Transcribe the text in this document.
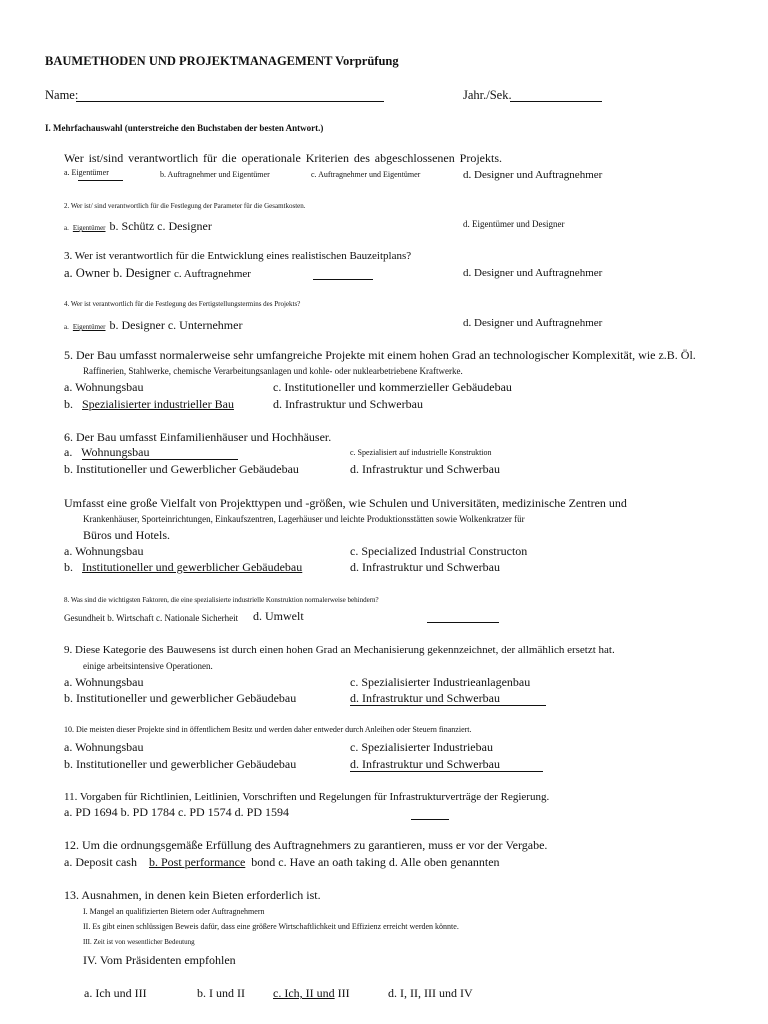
BAUMETHODEN UND PROJEKTMANAGEMENT Vorprüfung
Name:	Jahr./Sek.
I. Mehrfachauswahl (unterstreiche den Buchstaben der besten Antwort.)
Wer ist/sind verantwortlich für die operationale Kriterien des abgeschlossenen Projekts.
a. Eigentümer	b. Auftragnehmer und Eigentümer	c. Auftragnehmer und Eigentümer	d. Designer und Auftragnehmer
2. Wer ist/ sind verantwortlich für die Festlegung der Parameter für die Gesamtkosten.
a. Eigentümer b. Schütz c. Designer	d. Eigentümer und Designer
3. Wer ist verantwortlich für die Entwicklung eines realistischen Bauzeitplans?
a. Owner b. Designer c. Auftragnehmer	d. Designer und Auftragnehmer
4. Wer ist verantwortlich für die Festlegung des Fertigstellungstermins des Projekts?
a. Eigentümer b. Designer c. Unternehmer	d. Designer und Auftragnehmer
5. Der Bau umfasst normalerweise sehr umfangreiche Projekte mit einem hohen Grad an technologischer Komplexität, wie z.B. Öl.
Raffinerien, Stahlwerke, chemische Verarbeitungsanlagen und kohle- oder nuklearbetriebene Kraftwerke.
a. Wohnungsbau	c. Institutioneller und kommerzieller Gebäudebau
b. Spezialisierter industrieller Bau	d. Infrastruktur und Schwerbau
6. Der Bau umfasst Einfamilienhäuser und Hochhäuser.
a. Wohnungsbau	c. Spezialisiert auf industrielle Konstruktion
b. Institutioneller und Gewerblicher Gebäudebau	d. Infrastruktur und Schwerbau
Umfasst eine große Vielfalt von Projekttypen und -größen, wie Schulen und Universitäten, medizinische Zentren und
Krankenhäuser, Sporteinrichtungen, Einkaufszentren, Lagerhäuser und leichte Produktionsstätten sowie Wolkenkratzer für
Büros und Hotels.
a. Wohnungsbau	c. Specialized Industrial Constructon
b. Institutioneller und gewerblicher Gebäudebau	d. Infrastruktur und Schwerbau
8. Was sind die wichtigsten Faktoren, die eine spezialisierte industrielle Konstruktion normalerweise behindern?
Gesundheit b. Wirtschaft c. Nationale Sicherheit d. Umwelt
9. Diese Kategorie des Bauwesens ist durch einen hohen Grad an Mechanisierung gekennzeichnet, der allmählich ersetzt hat.
einige arbeitsintensive Operationen.
a. Wohnungsbau	c. Spezialisierter Industrieanlagenbau
b. Institutioneller und gewerblicher Gebäudebau	d. Infrastruktur und Schwerbau
10. Die meisten dieser Projekte sind in öffentlichem Besitz und werden daher entweder durch Anleihen oder Steuern finanziert.
a. Wohnungsbau	c. Spezialisierter Industriebau
b. Institutioneller und gewerblicher Gebäudebau	d. Infrastruktur und Schwerbau
11. Vorgaben für Richtlinien, Leitlinien, Vorschriften und Regelungen für Infrastrukturverträge der Regierung.
a. PD 1694 b. PD 1784 c. PD 1574 d. PD 1594
12. Um die ordnungsgemäße Erfüllung des Auftragnehmers zu garantieren, muss er vor der Vergabe.
a. Deposit cash b. Post performance bond c. Have an oath taking d. Alle oben genannten
13. Ausnahmen, in denen kein Bieten erforderlich ist.
I. Mangel an qualifizierten Bietern oder Auftragnehmern
II. Es gibt einen schlüssigen Beweis dafür, dass eine größere Wirtschaftlichkeit und Effizienz erreicht werden könnte.
III. Zeit ist von wesentlicher Bedeutung
IV. Vom Präsidenten empfohlen
a. Ich und III	b. I und II c. Ich, II und III	d. I, II, III und IV
